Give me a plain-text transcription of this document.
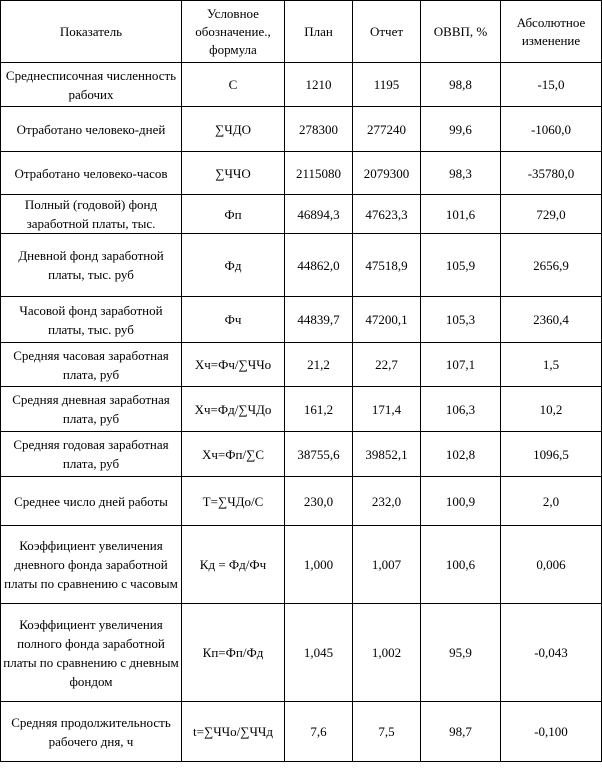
Показатель	Условное обозначение., формула	План	Отчет	ОВВП, %	Абсолютное изменение
Среднесписочная численность рабочих	С	1210	1195	98,8	-15,0
Отработано человеко-дней	∑ЧДО	278300	277240	99,6	-1060,0
Отработано человеко-часов	∑ЧЧО	2115080	2079300	98,3	-35780,0
Полный (годовой) фонд заработной платы, тыс.	Фп	46894,3	47623,3	101,6	729,0
Дневной фонд заработной платы, тыс. руб	Фд	44862,0	47518,9	105,9	2656,9
Часовой фонд заработной платы, тыс. руб	Фч	44839,7	47200,1	105,3	2360,4
Средняя часовая заработная плата, руб	Xч=Фч/∑ЧЧо	21,2	22,7	107,1	1,5
Средняя дневная заработная плата, руб	Xч=Фд/∑ЧДо	161,2	171,4	106,3	10,2
Средняя годовая заработная плата, руб	Xч=Фп/∑С	38755,6	39852,1	102,8	1096,5
Среднее число дней работы	Т=∑ЧДо/С	230,0	232,0	100,9	2,0
Коэффициент увеличения дневного фонда заработной платы по сравнению с часовым	Кд = Фд/Фч	1,000	1,007	100,6	0,006
Коэффициент увеличения полного фонда заработной платы по сравнению с дневным фондом	Кп=Фп/Фд	1,045	1,002	95,9	-0,043
Средняя продолжительность рабочего дня, ч	t=∑ЧЧо/∑ЧЧд	7,6	7,5	98,7	-0,100
